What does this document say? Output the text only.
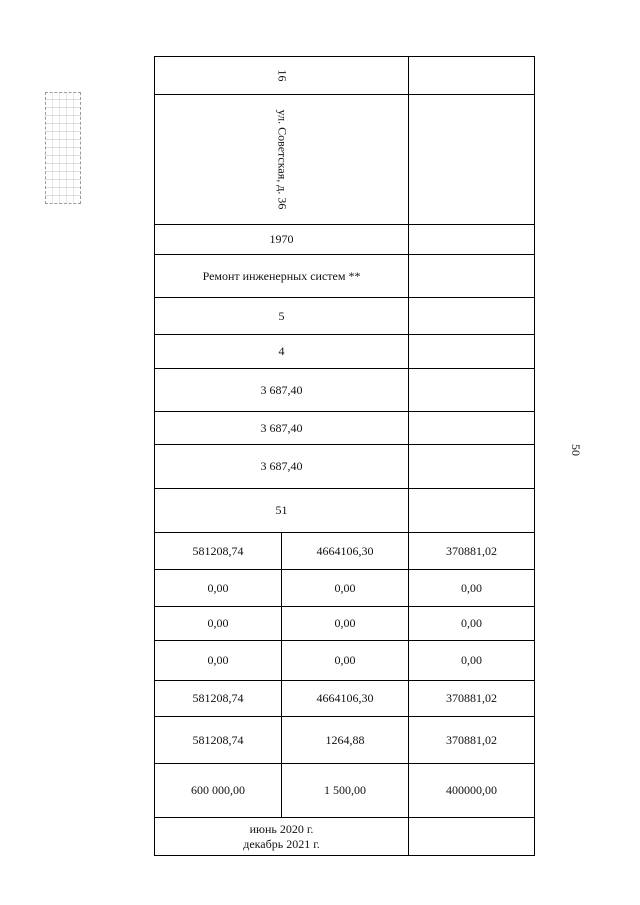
50
16		
ул. Советская, д. 36		
1970		
Ремонт инженерных систем **		
5		
4		
3 687,40		
3 687,40		
3 687,40		
51		
581208,74	4664106,30	370881,02
0,00	0,00	0,00
0,00	0,00	0,00
0,00	0,00	0,00
581208,74	4664106,30	370881,02
581208,74	1264,88	370881,02
600 000,00	1 500,00	400000,00

июнь 2020 г.
декабрь 2021 г.		
